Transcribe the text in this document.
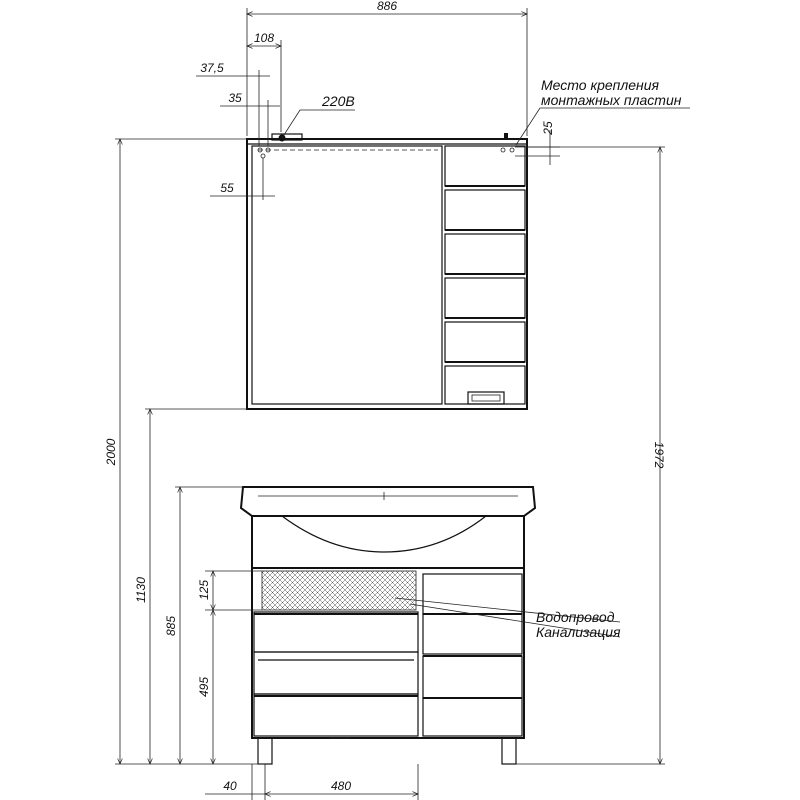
886
108
37,5
35
55
25
2000
1130
885
125
495
1972
40	480
220В
Место крепления
монтажных пластин
Водопровод
Канализация
